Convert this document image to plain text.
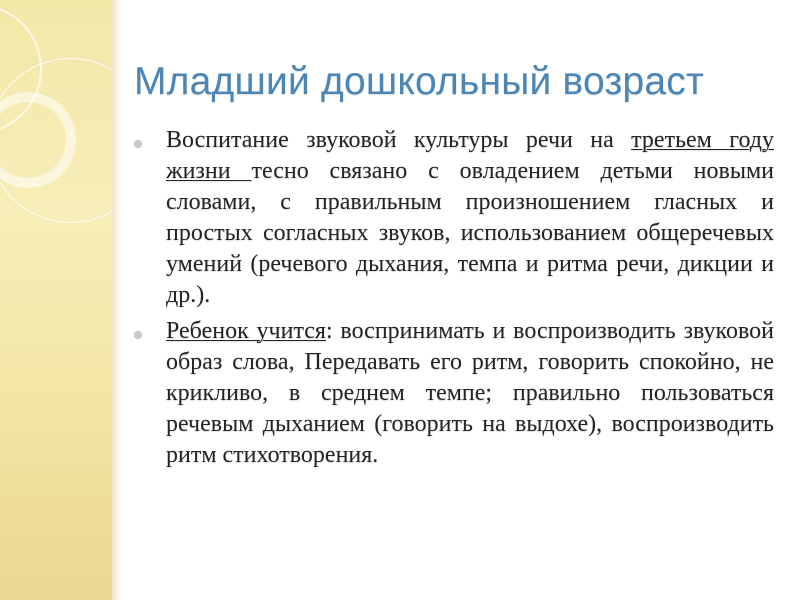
Младший дошкольный возраст

Воспитание звуковой культуры речи на третьем году жизни тесно связано с овладением детьми новыми словами, с правильным произношением гласных и простых согласных звуков, использованием общеречевых умений (речевого дыхания, темпа и ритма речи, дикции и др.).

Ребенок учится: воспринимать и воспроизводить звуковой образ слова, Передавать его ритм, говорить спокойно, не крикливо, в среднем темпе; правильно пользоваться речевым дыханием (говорить на выдохе), воспроизводить ритм стихотворения.
